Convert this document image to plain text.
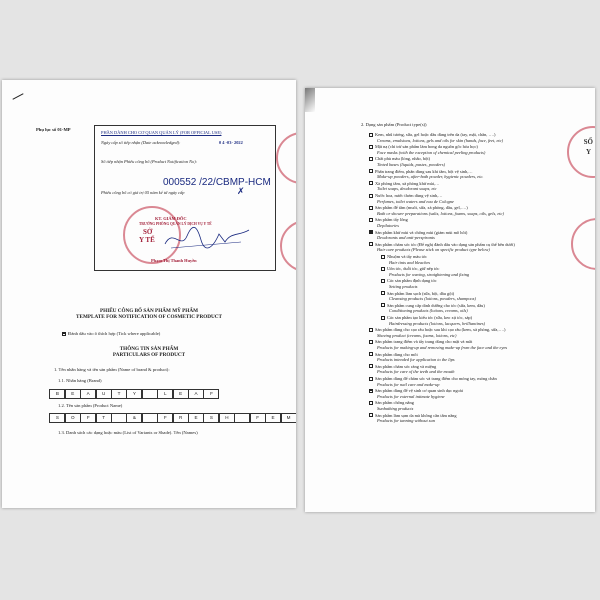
Phụ lục số 01-MP
PHẦN DÀNH CHO CƠ QUAN QUẢN LÝ (FOR OFFICIAL USE)
Ngày cấp số tiếp nhận (Date acknowledged):	0 4 -03- 2022
Số tiếp nhận Phiếu công bố (Product Notification No):
000552 /22/CBMP-HCM
Phiếu công bố có giá trị 05 năm kể từ ngày cấp	✗
KT. GIÁM ĐỐC
TRƯỞNG PHÒNG QUẢN LÝ DỊCH VỤ Y TẾ
SỞ
Y TẾ
Phạm Thị Thanh Huyền
PHIẾU CÔNG BỐ SẢN PHẨM MỸ PHẨM
TEMPLATE FOR NOTIFICATION OF COSMETIC PRODUCT
Đánh dấu vào ô thích hợp (Tick where applicable)
THÔNG TIN SẢN PHẨM
PARTICULARS OF PRODUCT
1. Tên nhãn hàng và tên sản phẩm (Name of brand & product):
1.1. Nhãn hàng (Brand)
B	E	A	U	T	Y	L	E	A	F
1.2. Tên sản phẩm (Product Name)
S	O	F	T	&	F	R	E	S	H	F	E	M
1.3. Danh sách các dạng hoặc màu (List of Variants or Shade). Tên (Names)
2. Dạng sản phẩm (Product type(s))
Kem, nhũ tương, sữa, gel hoặc dầu dùng trên da (tay, mặt, chân, ….)
Creams, emulsions, lotions, gels and oils for skin (hands, face, feet, etc)
Mặt nạ (chỉ trừ sản phẩm làm bong da nguồn gốc hóa học)
Face masks (with the exception of chemical peeling products)
Chất phủ màu (lỏng, nhão, bột)
Tinted bases (liquids, pastes, powders)
Phấn trang điểm, phấn dùng sau khi tắm, bột vệ sinh,…
Make-up powders, after-bath powder, hygienic powders, etc.
Xà phòng tắm, xà phòng khử mùi,…
Toilet soaps, deodorant soaps, etc
Nước hoa, nước thơm dùng vệ sinh,…
Perfumes, toilet waters and eau de Cologne
Sản phẩm để tắm (muối, sữa, xà phòng, dầu, gel,….)
Bath or shower preparations (salts, lotions, foams, soaps, oils, gels, etc)
Sản phẩm tẩy lông
Depilatories
Sản phẩm khử mùi và chống mùi (giảm mùi mồ hôi)
Deodorants and anti-perspirants
Sản phẩm chăm sóc tóc (Để nghị đánh dấu vào dạng sản phẩm cụ thể bên dưới)
Hair care products (Please stick on specific product type below)
Nhuộm và tẩy màu tóc
Hair tints and bleaches
Uốn tóc, duỗi tóc, giữ nếp tóc
Products for waving, straightening and fixing
Các sản phẩm định dạng tóc
Setting products
Sản phẩm làm sạch (sữa, bột, dầu gội)
Cleansing products (lotions, powders, shampoos)
Sản phẩm cung cấp dinh dưỡng cho tóc (sữa, kem, dầu)
Conditioning products (lotions, creams, oils)
Các sản phẩm tạo kiểu tóc (sữa, keo xịt tóc, sáp)
Hairdressing products (lotions, lacquers, brilliantines)
Sản phẩm dùng cho cạo râu hoặc sau khi cạo râu (kem, xà phòng, sữa,….)
Shaving product (creams, foams, lotions, etc)
Sản phẩm trang điểm và tẩy trang dùng cho mặt và mắt
Products for making-up and removing make-up from the face and the eyes
Sản phẩm dùng cho môi
Products intended for application to the lips
Sản phẩm chăm sóc răng và miệng
Products for care of the teeth and the mouth
Sản phẩm dùng để chăm sóc và trang điểm cho móng tay, móng chân
Products for nail care and make-up
Sản phẩm dùng để vệ sinh cơ quan sinh dục ngoài
Products for external intimate hygiene
Sản phẩm chống nắng
Sunbathing products
Sản phẩm làm sạm da mà không cần tắm nắng
Products for tanning without sun
SỐ
Y
